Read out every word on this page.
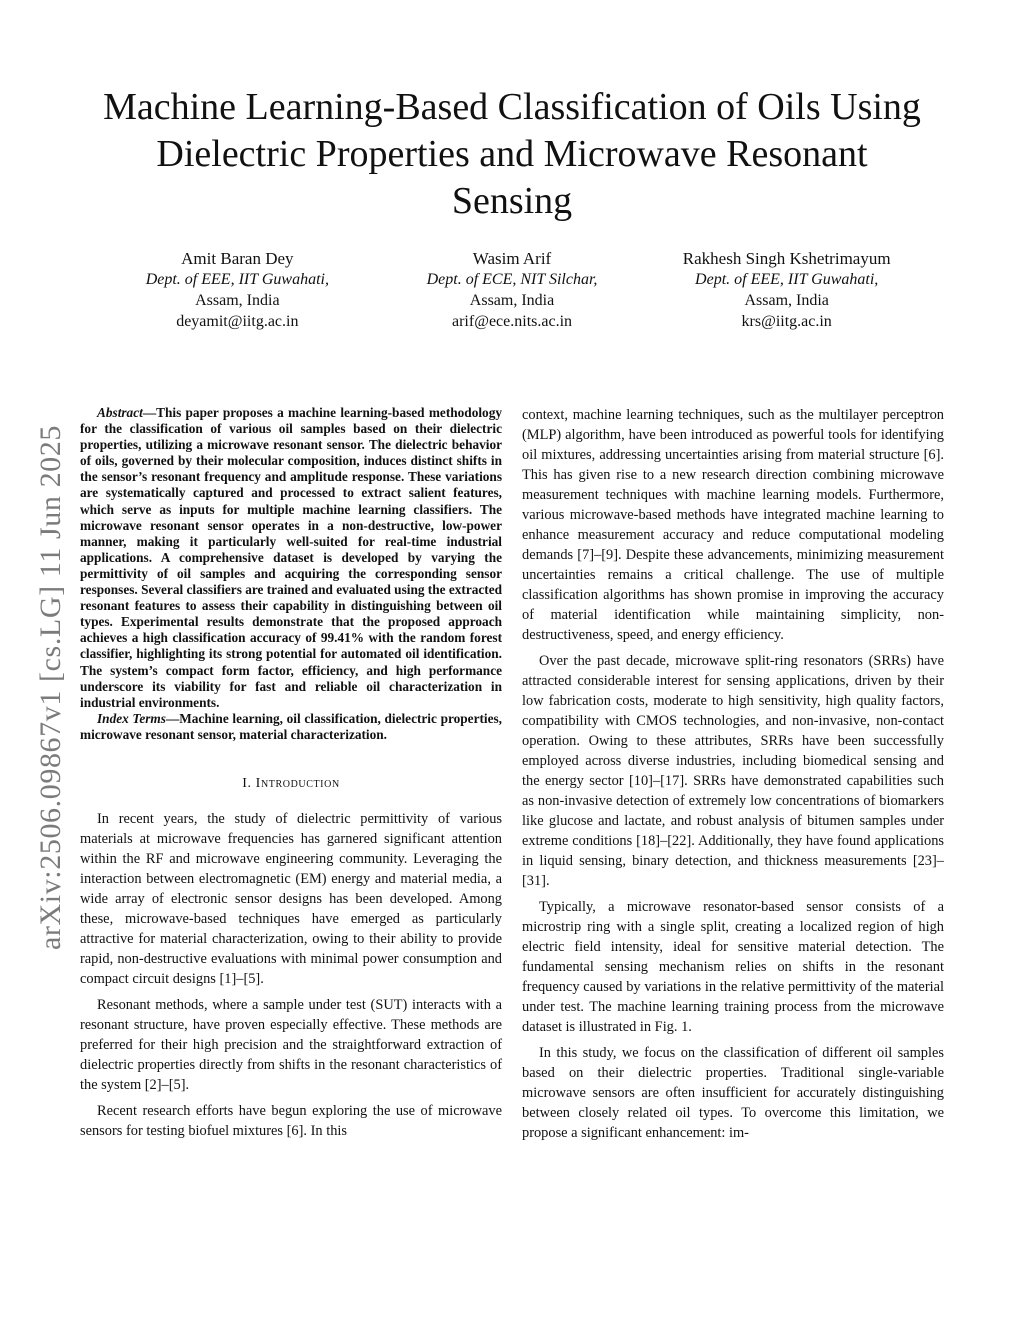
arXiv:2506.09867v1 [cs.LG] 11 Jun 2025
Machine Learning-Based Classification of Oils Using Dielectric Properties and Microwave Resonant Sensing
Amit Baran Dey
Dept. of EEE, IIT Guwahati,
Assam, India
deyamit@iitg.ac.in
Wasim Arif
Dept. of ECE, NIT Silchar,
Assam, India
arif@ece.nits.ac.in
Rakhesh Singh Kshetrimayum
Dept. of EEE, IIT Guwahati,
Assam, India
krs@iitg.ac.in

Abstract—This paper proposes a machine learning-based methodology for the classification of various oil samples based on their dielectric properties, utilizing a microwave resonant sensor. The dielectric behavior of oils, governed by their molecular composition, induces distinct shifts in the sensor’s resonant frequency and amplitude response. These variations are systematically captured and processed to extract salient features, which serve as inputs for multiple machine learning classifiers. The microwave resonant sensor operates in a non-destructive, low-power manner, making it particularly well-suited for real-time industrial applications. A comprehensive dataset is developed by varying the permittivity of oil samples and acquiring the corresponding sensor responses. Several classifiers are trained and evaluated using the extracted resonant features to assess their capability in distinguishing between oil types. Experimental results demonstrate that the proposed approach achieves a high classification accuracy of 99.41% with the random forest classifier, highlighting its strong potential for automated oil identification. The system’s compact form factor, efficiency, and high performance underscore its viability for fast and reliable oil characterization in industrial environments.

Index Terms—Machine learning, oil classification, dielectric properties, microwave resonant sensor, material characterization.

I. Introduction

In recent years, the study of dielectric permittivity of various materials at microwave frequencies has garnered significant attention within the RF and microwave engineering community. Leveraging the interaction between electromagnetic (EM) energy and material media, a wide array of electronic sensor designs has been developed. Among these, microwave-based techniques have emerged as particularly attractive for material characterization, owing to their ability to provide rapid, non-destructive evaluations with minimal power consumption and compact circuit designs [1]–[5].

Resonant methods, where a sample under test (SUT) interacts with a resonant structure, have proven especially effective. These methods are preferred for their high precision and the straightforward extraction of dielectric properties directly from shifts in the resonant characteristics of the system [2]–[5].

Recent research efforts have begun exploring the use of microwave sensors for testing biofuel mixtures [6]. In this

context, machine learning techniques, such as the multilayer perceptron (MLP) algorithm, have been introduced as powerful tools for identifying oil mixtures, addressing uncertainties arising from material structure [6]. This has given rise to a new research direction combining microwave measurement techniques with machine learning models. Furthermore, various microwave-based methods have integrated machine learning to enhance measurement accuracy and reduce computational modeling demands [7]–[9]. Despite these advancements, minimizing measurement uncertainties remains a critical challenge. The use of multiple classification algorithms has shown promise in improving the accuracy of material identification while maintaining simplicity, non-destructiveness, speed, and energy efficiency.

Over the past decade, microwave split-ring resonators (SRRs) have attracted considerable interest for sensing applications, driven by their low fabrication costs, moderate to high sensitivity, high quality factors, compatibility with CMOS technologies, and non-invasive, non-contact operation. Owing to these attributes, SRRs have been successfully employed across diverse industries, including biomedical sensing and the energy sector [10]–[17]. SRRs have demonstrated capabilities such as non-invasive detection of extremely low concentrations of biomarkers like glucose and lactate, and robust analysis of bitumen samples under extreme conditions [18]–[22]. Additionally, they have found applications in liquid sensing, binary detection, and thickness measurements [23]–[31].

Typically, a microwave resonator-based sensor consists of a microstrip ring with a single split, creating a localized region of high electric field intensity, ideal for sensitive material detection. The fundamental sensing mechanism relies on shifts in the resonant frequency caused by variations in the relative permittivity of the material under test. The machine learning training process from the microwave dataset is illustrated in Fig. 1.

In this study, we focus on the classification of different oil samples based on their dielectric properties. Traditional single-variable microwave sensors are often insufficient for accurately distinguishing between closely related oil types. To overcome this limitation, we propose a significant enhancement: im-
